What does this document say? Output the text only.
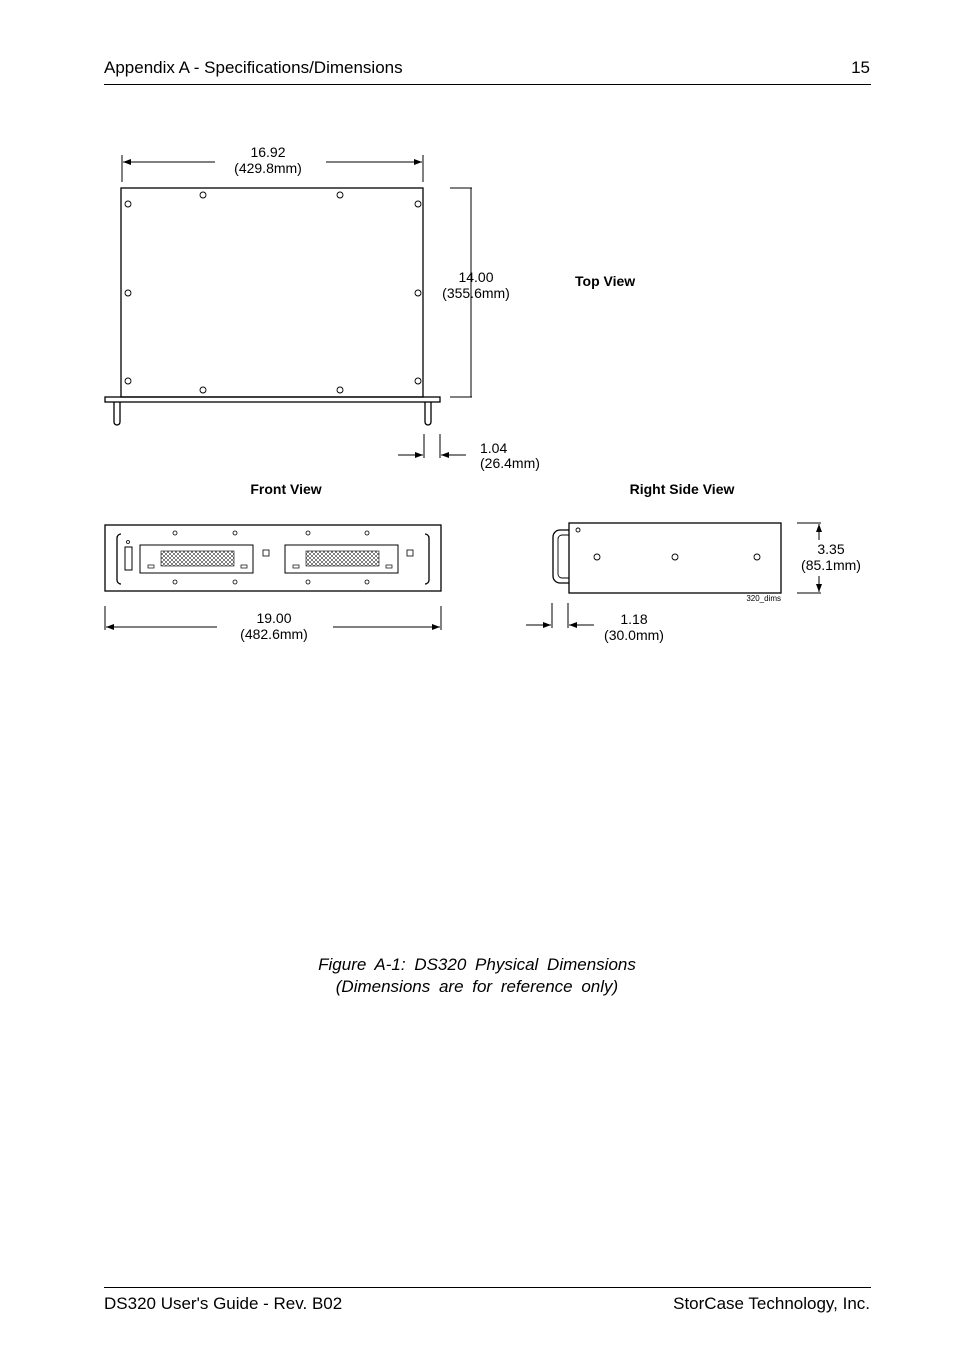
Appendix A - Specifications/Dimensions	15
16.92
(429.8mm)
14.00
(355.6mm)
Top View
1.04
(26.4mm)
Front View
19.00
(482.6mm)
Right Side View
320_dims
3.35
(85.1mm)
1.18
(30.0mm)
Figure A-1: DS320 Physical Dimensions
(Dimensions are for reference only)
DS320 User's Guide - Rev. B02	StorCase Technology, Inc.
